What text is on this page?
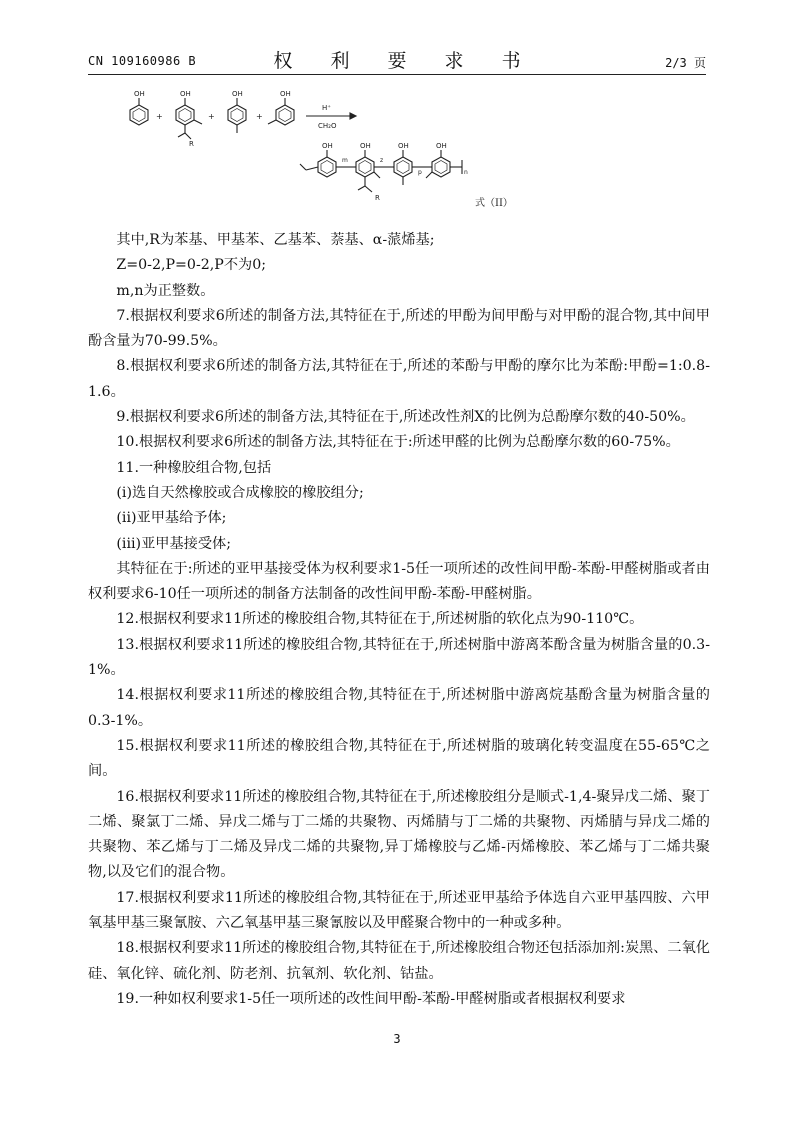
CN 109160986 B	权 利 要 求 书	2/3 页
OH
+
OH
R
+
OH
+
OH
H⁺
CH₂O
OH
m
OH
R
z
OH
p
OH
n
式（II）

其中,R为苯基、甲基苯、乙基苯、萘基、α-蒎烯基;

Z=0-2,P=0-2,P不为0;

m,n为正整数。

7.根据权利要求6所述的制备方法,其特征在于,所述的甲酚为间甲酚与对甲酚的混合物,其中间甲酚含量为70-99.5%。

8.根据权利要求6所述的制备方法,其特征在于,所述的苯酚与甲酚的摩尔比为苯酚:甲酚=1:0.8-1.6。

9.根据权利要求6所述的制备方法,其特征在于,所述改性剂X的比例为总酚摩尔数的40-50%。

10.根据权利要求6所述的制备方法,其特征在于:所述甲醛的比例为总酚摩尔数的60-75%。

11.一种橡胶组合物,包括

(i)选自天然橡胶或合成橡胶的橡胶组分;

(ii)亚甲基给予体;

(iii)亚甲基接受体;

其特征在于:所述的亚甲基接受体为权利要求1-5任一项所述的改性间甲酚-苯酚-甲醛树脂或者由权利要求6-10任一项所述的制备方法制备的改性间甲酚-苯酚-甲醛树脂。

12.根据权利要求11所述的橡胶组合物,其特征在于,所述树脂的软化点为90-110℃。

13.根据权利要求11所述的橡胶组合物,其特征在于,所述树脂中游离苯酚含量为树脂含量的0.3-1%。

14.根据权利要求11所述的橡胶组合物,其特征在于,所述树脂中游离烷基酚含量为树脂含量的0.3-1%。

15.根据权利要求11所述的橡胶组合物,其特征在于,所述树脂的玻璃化转变温度在55-65℃之间。

16.根据权利要求11所述的橡胶组合物,其特征在于,所述橡胶组分是顺式-1,4-聚异戊二烯、聚丁二烯、聚氯丁二烯、异戊二烯与丁二烯的共聚物、丙烯腈与丁二烯的共聚物、丙烯腈与异戊二烯的共聚物、苯乙烯与丁二烯及异戊二烯的共聚物,异丁烯橡胶与乙烯-丙烯橡胶、苯乙烯与丁二烯共聚物,以及它们的混合物。

17.根据权利要求11所述的橡胶组合物,其特征在于,所述亚甲基给予体选自六亚甲基四胺、六甲氧基甲基三聚氰胺、六乙氧基甲基三聚氰胺以及甲醛聚合物中的一种或多种。

18.根据权利要求11所述的橡胶组合物,其特征在于,所述橡胶组合物还包括添加剂:炭黑、二氧化硅、氧化锌、硫化剂、防老剂、抗氧剂、软化剂、钴盐。

19.一种如权利要求1-5任一项所述的改性间甲酚-苯酚-甲醛树脂或者根据权利要求

3
